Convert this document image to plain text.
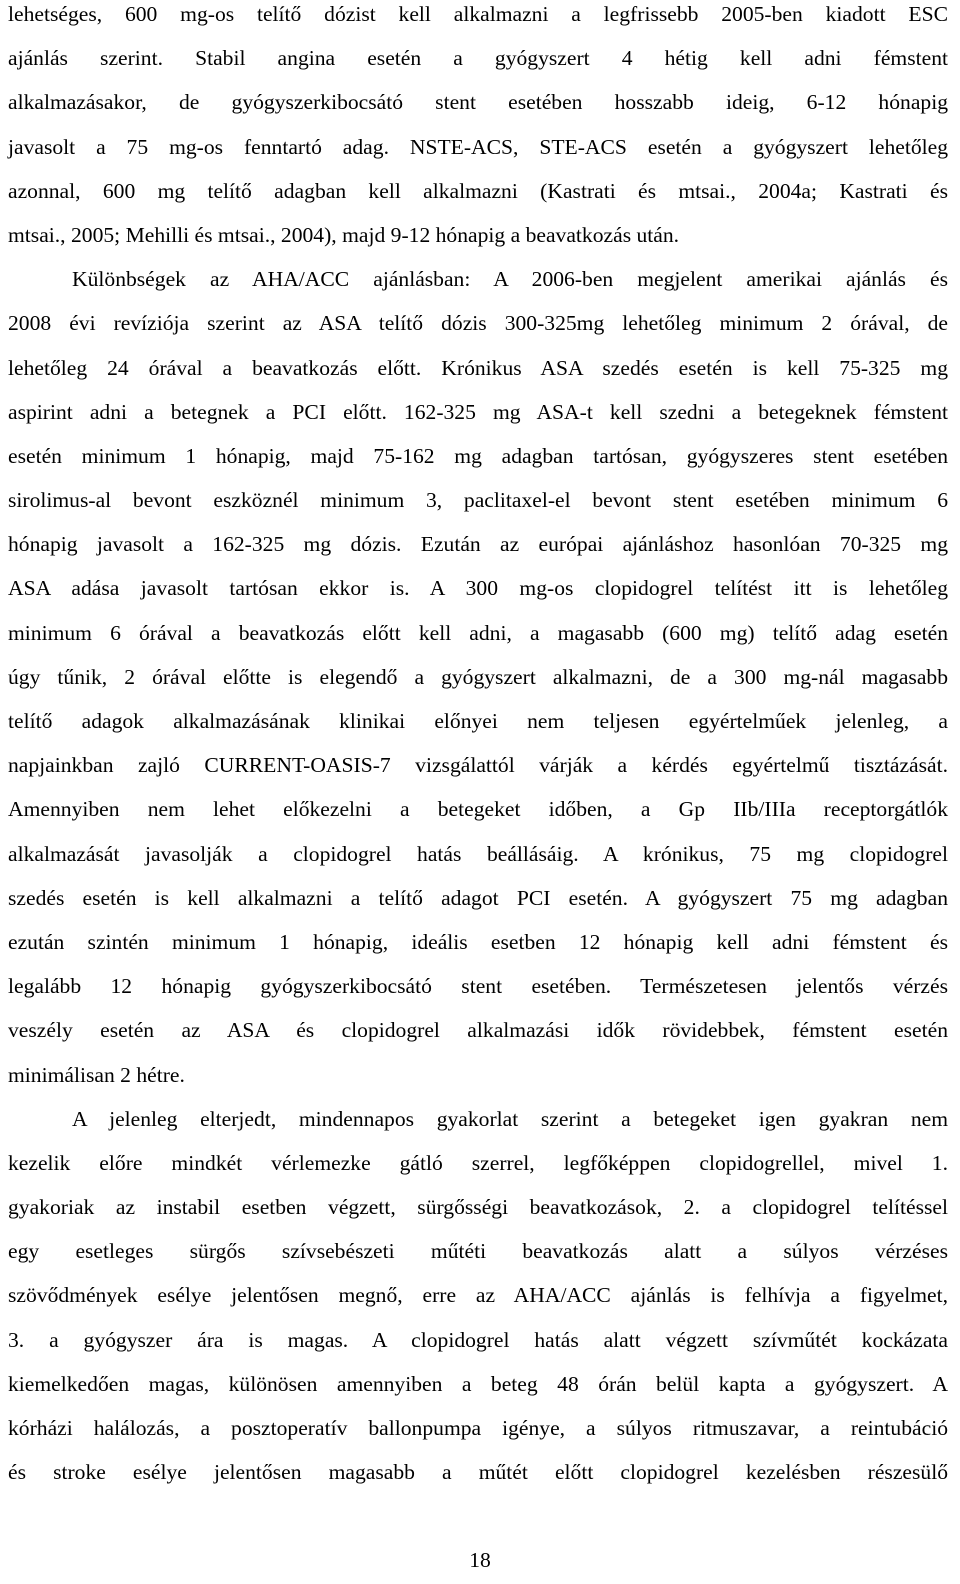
lehetséges, 600 mg-os telítő dózist kell alkalmazni a legfrissebb 2005-ben kiadott ESC
ajánlás szerint. Stabil angina esetén a gyógyszert 4 hétig kell adni fémstent
alkalmazásakor, de gyógyszerkibocsátó stent esetében hosszabb ideig, 6-12 hónapig
javasolt a 75 mg-os fenntartó adag. NSTE-ACS, STE-ACS esetén a gyógyszert lehetőleg
azonnal, 600 mg telítő adagban kell alkalmazni (Kastrati és mtsai., 2004a; Kastrati és
mtsai., 2005; Mehilli és mtsai., 2004), majd 9-12 hónapig a beavatkozás után.
Különbségek az AHA/ACC ajánlásban: A 2006-ben megjelent amerikai ajánlás és
2008 évi revíziója szerint az ASA telítő dózis 300-325mg lehetőleg minimum 2 órával, de
lehetőleg 24 órával a beavatkozás előtt. Krónikus ASA szedés esetén is kell 75-325 mg
aspirint adni a betegnek a PCI előtt. 162-325 mg ASA-t kell szedni a betegeknek fémstent
esetén minimum 1 hónapig, majd 75-162 mg adagban tartósan, gyógyszeres stent esetében
sirolimus-al bevont eszköznél minimum 3, paclitaxel-el bevont stent esetében minimum 6
hónapig javasolt a 162-325 mg dózis. Ezután az európai ajánláshoz hasonlóan 70-325 mg
ASA adása javasolt tartósan ekkor is. A 300 mg-os clopidogrel telítést itt is lehetőleg
minimum 6 órával a beavatkozás előtt kell adni, a magasabb (600 mg) telítő adag esetén
úgy tűnik, 2 órával előtte is elegendő a gyógyszert alkalmazni, de a 300 mg-nál magasabb
telítő adagok alkalmazásának klinikai előnyei nem teljesen egyértelműek jelenleg, a
napjainkban zajló CURRENT-OASIS-7 vizsgálattól várják a kérdés egyértelmű tisztázását.
Amennyiben nem lehet előkezelni a betegeket időben, a Gp IIb/IIIa receptorgátlók
alkalmazását javasolják a clopidogrel hatás beállásáig. A krónikus, 75 mg clopidogrel
szedés esetén is kell alkalmazni a telítő adagot PCI esetén. A gyógyszert 75 mg adagban
ezután szintén minimum 1 hónapig, ideális esetben 12 hónapig kell adni fémstent és
legalább 12 hónapig gyógyszerkibocsátó stent esetében. Természetesen jelentős vérzés
veszély esetén az ASA és clopidogrel alkalmazási idők rövidebbek, fémstent esetén
minimálisan 2 hétre.
A jelenleg elterjedt, mindennapos gyakorlat szerint a betegeket igen gyakran nem
kezelik előre mindkét vérlemezke gátló szerrel, legfőképpen clopidogrellel, mivel 1.
gyakoriak az instabil esetben végzett, sürgősségi beavatkozások, 2. a clopidogrel telítéssel
egy esetleges sürgős szívsebészeti műtéti beavatkozás alatt a súlyos vérzéses
szövődmények esélye jelentősen megnő, erre az AHA/ACC ajánlás is felhívja a figyelmet,
3. a gyógyszer ára is magas. A clopidogrel hatás alatt végzett szívműtét kockázata
kiemelkedően magas, különösen amennyiben a beteg 48 órán belül kapta a gyógyszert. A
kórházi halálozás, a posztoperatív ballonpumpa igénye, a súlyos ritmuszavar, a reintubáció
és stroke esélye jelentősen magasabb a műtét előtt clopidogrel kezelésben részesülő
18
